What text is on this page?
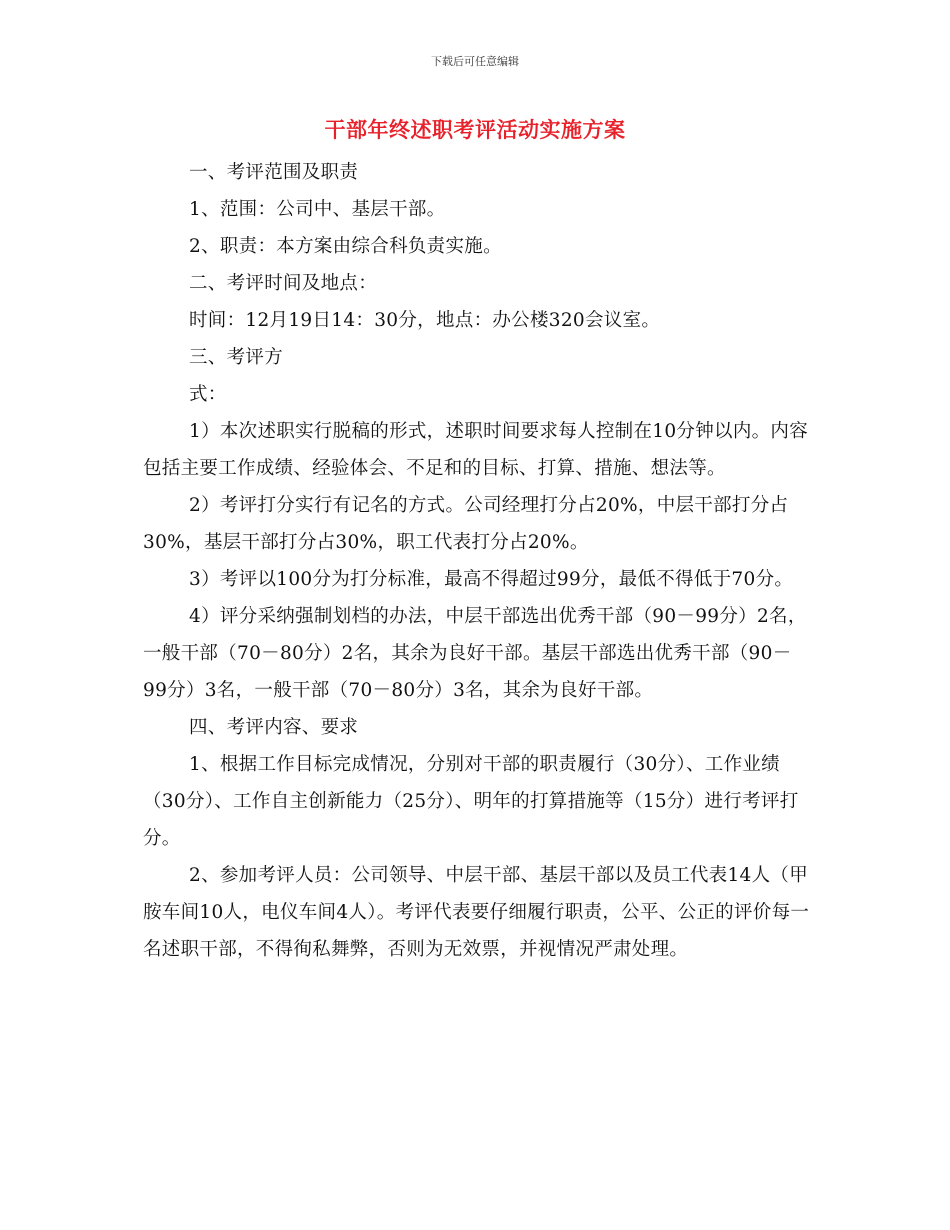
下载后可任意编辑
干部年终述职考评活动实施方案

一、考评范围及职责

1、范围：公司中、基层干部。

2、职责：本方案由综合科负责实施。

二、考评时间及地点：

时间：12月19日14：30分，地点：办公楼320会议室。

三、考评方

式：

1）本次述职实行脱稿的形式，述职时间要求每人控制在10分钟以内。内容包括主要工作成绩、经验体会、不足和的目标、打算、措施、想法等。

2）考评打分实行有记名的方式。公司经理打分占20%，中层干部打分占30%，基层干部打分占30%，职工代表打分占20%。

3）考评以100分为打分标准，最高不得超过99分，最低不得低于70分。

4）评分采纳强制划档的办法，中层干部选出优秀干部（90－99分）2名，一般干部（70－80分）2名，其余为良好干部。基层干部选出优秀干部（90－99分）3名，一般干部（70－80分）3名，其余为良好干部。

四、考评内容、要求

1、根据工作目标完成情况，分别对干部的职责履行（30分）、工作业绩（30分）、工作自主创新能力（25分）、明年的打算措施等（15分）进行考评打分。

2、参加考评人员：公司领导、中层干部、基层干部以及员工代表14人（甲胺车间10人，电仪车间4人）。考评代表要仔细履行职责，公平、公正的评价每一名述职干部，不得徇私舞弊，否则为无效票，并视情况严肃处理。
